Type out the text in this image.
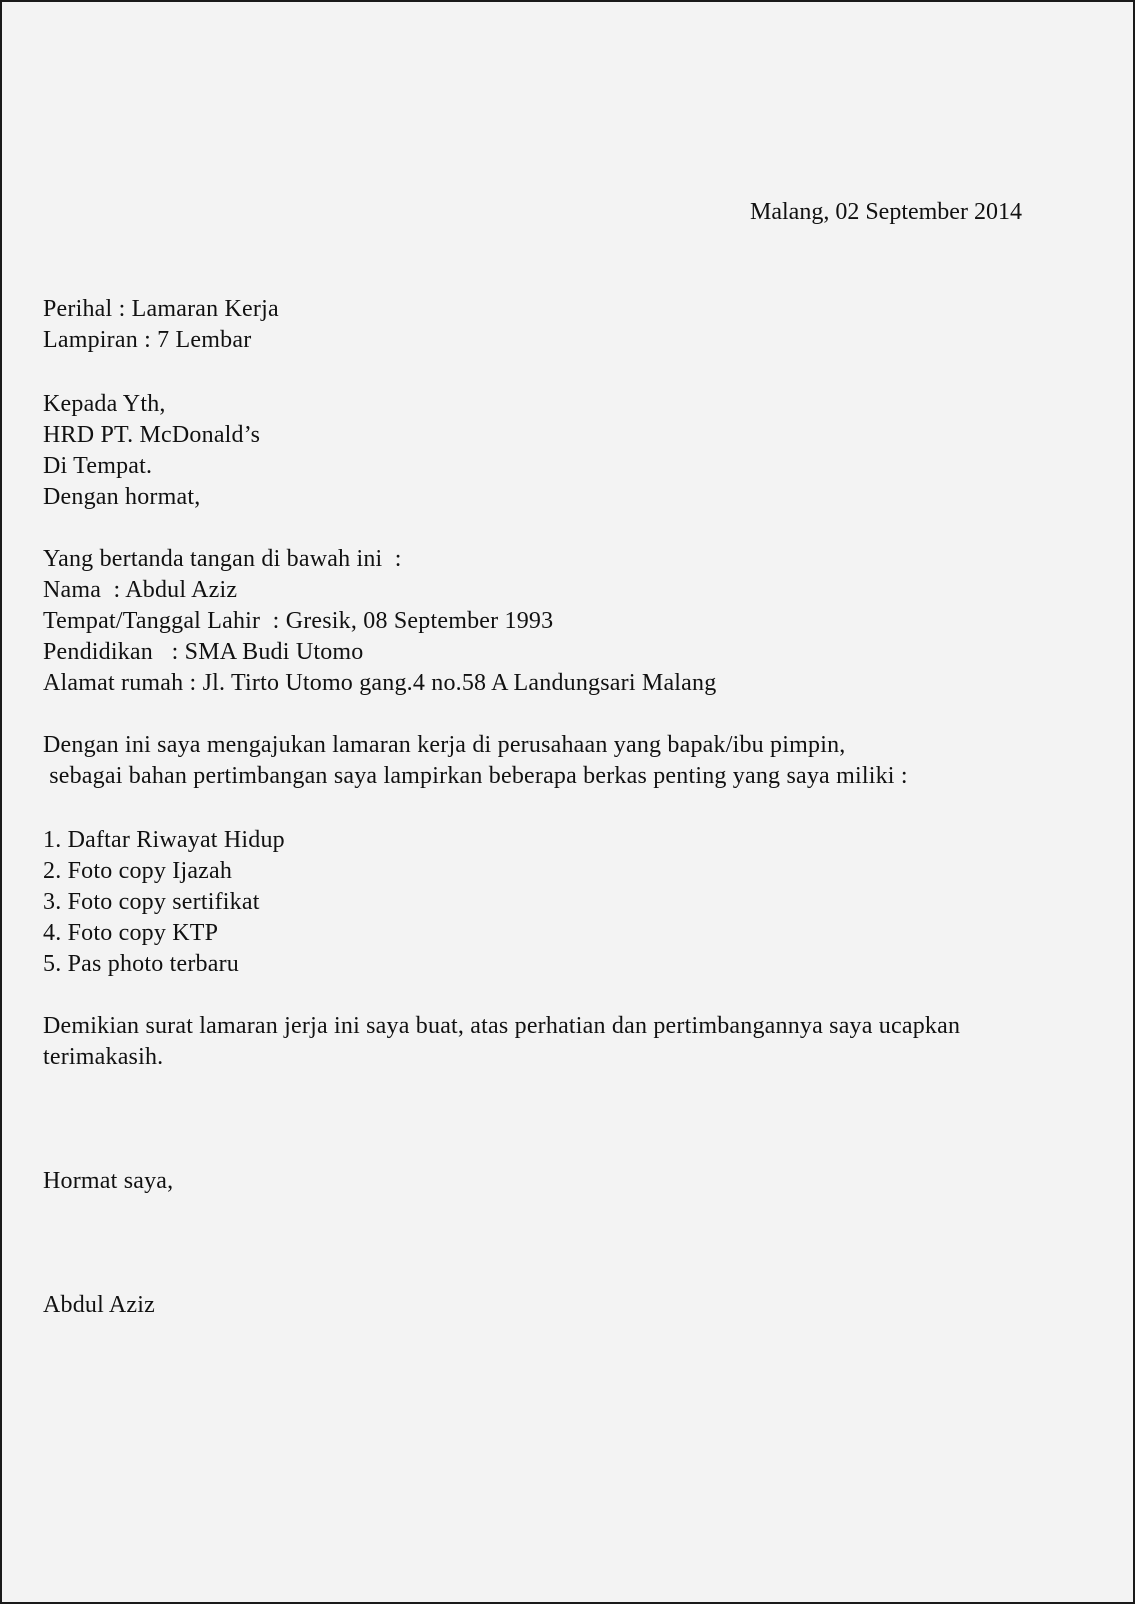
Malang, 02 September 2014
Perihal : Lamaran Kerja
Lampiran : 7 Lembar
Kepada Yth,
HRD PT. McDonald’s
Di Tempat.
Dengan hormat,
Yang bertanda tangan di bawah ini  :
Nama  : Abdul Aziz
Tempat/Tanggal Lahir  : Gresik, 08 September 1993
Pendidikan   : SMA Budi Utomo
Alamat rumah : Jl. Tirto Utomo gang.4 no.58 A Landungsari Malang
Dengan ini saya mengajukan lamaran kerja di perusahaan yang bapak/ibu pimpin,
sebagai bahan pertimbangan saya lampirkan beberapa berkas penting yang saya miliki :
1. Daftar Riwayat Hidup
2. Foto copy Ijazah
3. Foto copy sertifikat
4. Foto copy KTP
5. Pas photo terbaru
Demikian surat lamaran jerja ini saya buat, atas perhatian dan pertimbangannya saya ucapkan
terimakasih.
Hormat saya,
Abdul Aziz
